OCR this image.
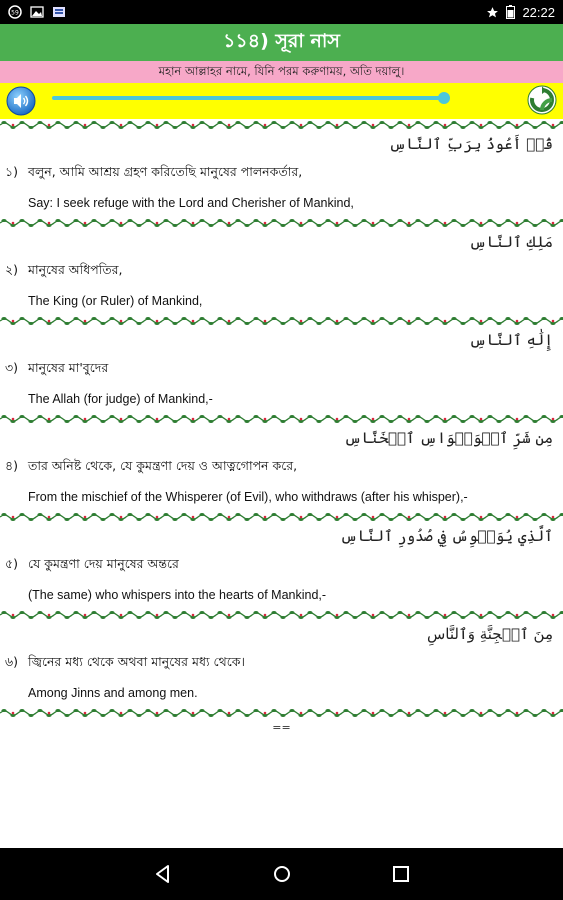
59	22:22
১১৪) সূরা নাস
মহান আল্লাহর নামে, যিনি পরম করুণাময়, অতি দয়ালু।
قُلۡ أَعُوذُ بِرَبِّ ٱلنَّاسِ
১) বলুন, আমি আশ্রয় গ্রহণ করিতেছি মানুষের পালনকর্তার,
Say: I seek refuge with the Lord and Cherisher of Mankind,
مَلِكِ ٱلنَّاسِ
২) মানুষের অধিপতির,
The King (or Ruler) of Mankind,
إِلَٰهِ ٱلنَّاسِ
৩) মানুষের মা'বুদের
The Allah (for judge) of Mankind,-
مِن شَرِّ ٱلۡوَسۡوَاسِ ٱلۡخَنَّاسِ
৪) তার অনিষ্ট থেকে, যে কুমন্ত্রণা দেয় ও আত্নগোপন করে,
From the mischief of the Whisperer (of Evil), who withdraws (after his whisper),-
ٱلَّذِي يُوَسۡوِسُ فِي صُدُورِ ٱلنَّاسِ
৫) যে কুমন্ত্রণা দেয় মানুষের অন্তরে
(The same) who whispers into the hearts of Mankind,-
مِنَ ٱلۡجِنَّةِ وَٱلنَّاسِ
৬) জ্বিনের মধ্য থেকে অথবা মানুষের মধ্য থেকে।
Among Jinns and among men.
==
